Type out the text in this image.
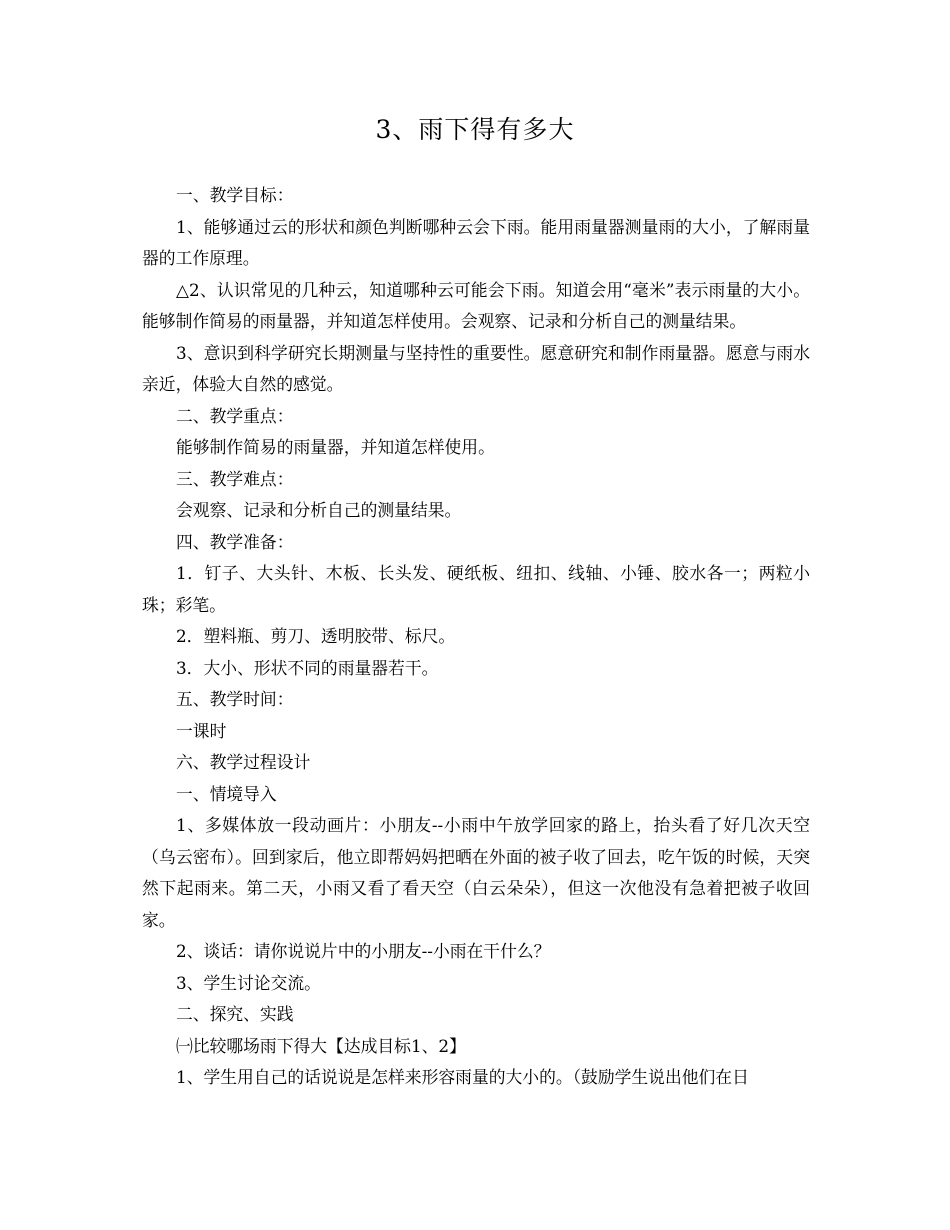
3、雨下得有多大

一、教学目标：

1、能够通过云的形状和颜色判断哪种云会下雨。能用雨量器测量雨的大小，了解雨量器的工作原理。

△2、认识常见的几种云，知道哪种云可能会下雨。知道会用“毫米”表示雨量的大小。能够制作简易的雨量器，并知道怎样使用。会观察、记录和分析自己的测量结果。

3、意识到科学研究长期测量与坚持性的重要性。愿意研究和制作雨量器。愿意与雨水亲近，体验大自然的感觉。

二、教学重点：

能够制作简易的雨量器，并知道怎样使用。

三、教学难点：

会观察、记录和分析自己的测量结果。

四、教学准备：

1．钉子、大头针、木板、长头发、硬纸板、纽扣、线轴、小锤、胶水各一；两粒小珠；彩笔。

2．塑料瓶、剪刀、透明胶带、标尺。

3．大小、形状不同的雨量器若干。

五、教学时间：

一课时

六、教学过程设计

一、情境导入

1、多媒体放一段动画片：小朋友--小雨中午放学回家的路上，抬头看了好几次天空（乌云密布）。回到家后，他立即帮妈妈把晒在外面的被子收了回去，吃午饭的时候，天突然下起雨来。第二天，小雨又看了看天空（白云朵朵），但这一次他没有急着把被子收回家。

2、谈话：请你说说片中的小朋友--小雨在干什么？

3、学生讨论交流。

二、探究、实践

㈠比较哪场雨下得大【达成目标1、2】

1、学生用自己的话说说是怎样来形容雨量的大小的。（鼓励学生说出他们在日
